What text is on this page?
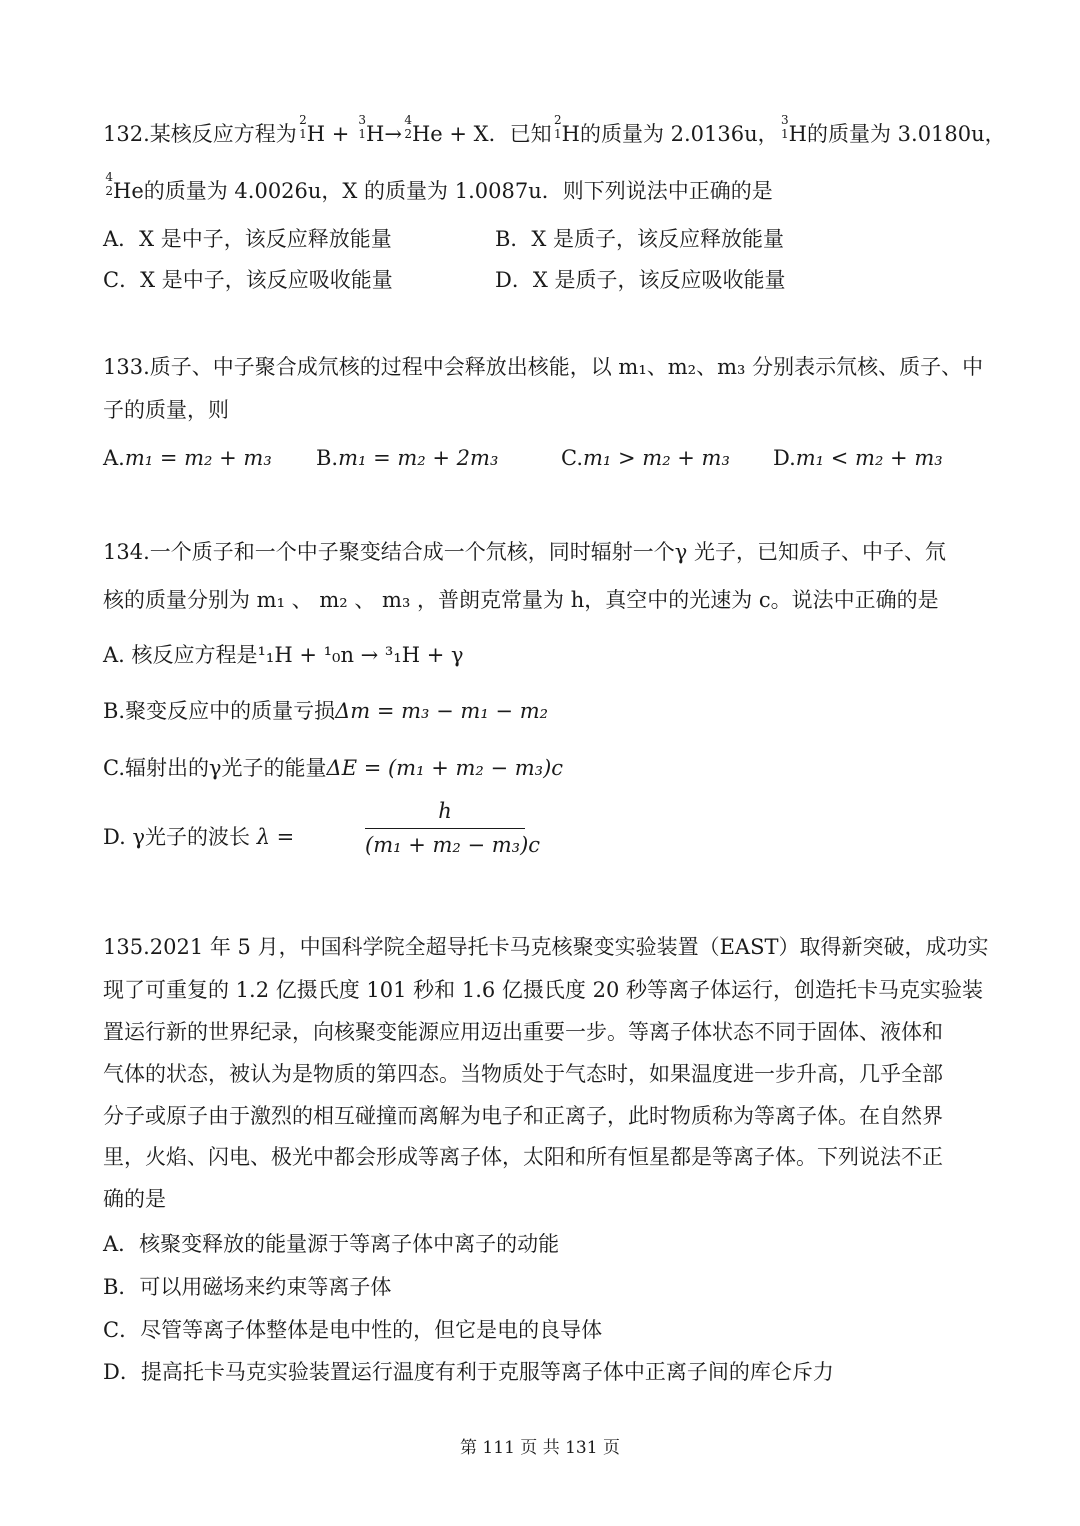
132.某核反应方程为
2
1 H +
3
1 H→
4
2 He + X．已知
2
1 H的质量为 2.0136u，
3
1 H的质量为 3.0180u，
4
2 He的质量为 4.0026u，X 的质量为 1.0087u．则下列说法中正确的是
A．X 是中子，该反应释放能量	B．X 是质子，该反应释放能量
C．X 是中子，该反应吸收能量	D．X 是质子，该反应吸收能量
133.质子、中子聚合成氘核的过程中会释放出核能，以 m₁、m₂、m₃ 分别表示氘核、质子、中
子的质量，则
A.m₁ = m₂ + m₃ B.m₁ = m₂ + 2m₃	C.m₁ > m₂ + m₃ D.m₁ < m₂ + m₃
134.一个质子和一个中子聚变结合成一个氘核，同时辐射一个γ 光子，已知质子、中子、氘
核的质量分别为 m₁ 、 m₂ 、 m₃ ，普朗克常量为 h，真空中的光速为 c。说法中正确的是
A. 核反应方程是¹₁H + ¹₀n → ³₁H + γ
B.聚变反应中的质量亏损Δm = m₃ − m₁ − m₂
C.辐射出的γ光子的能量ΔE = (m₁ + m₂ − m₃)c
D. γ光子的波长 λ =
h
(m₁ + m₂ − m₃)c
135.2021 年 5 月，中国科学院全超导托卡马克核聚变实验装置（EAST）取得新突破，成功实
现了可重复的 1.2 亿摄氏度 101 秒和 1.6 亿摄氏度 20 秒等离子体运行，创造托卡马克实验装
置运行新的世界纪录，向核聚变能源应用迈出重要一步。等离子体状态不同于固体、液体和
气体的状态，被认为是物质的第四态。当物质处于气态时，如果温度进一步升高，几乎全部
分子或原子由于激烈的相互碰撞而离解为电子和正离子，此时物质称为等离子体。在自然界
里，火焰、闪电、极光中都会形成等离子体，太阳和所有恒星都是等离子体。下列说法不正
确的是
A．核聚变释放的能量源于等离子体中离子的动能
B．可以用磁场来约束等离子体
C．尽管等离子体整体是电中性的，但它是电的良导体
D．提高托卡马克实验装置运行温度有利于克服等离子体中正离子间的库仑斥力
第 111 页 共 131 页
